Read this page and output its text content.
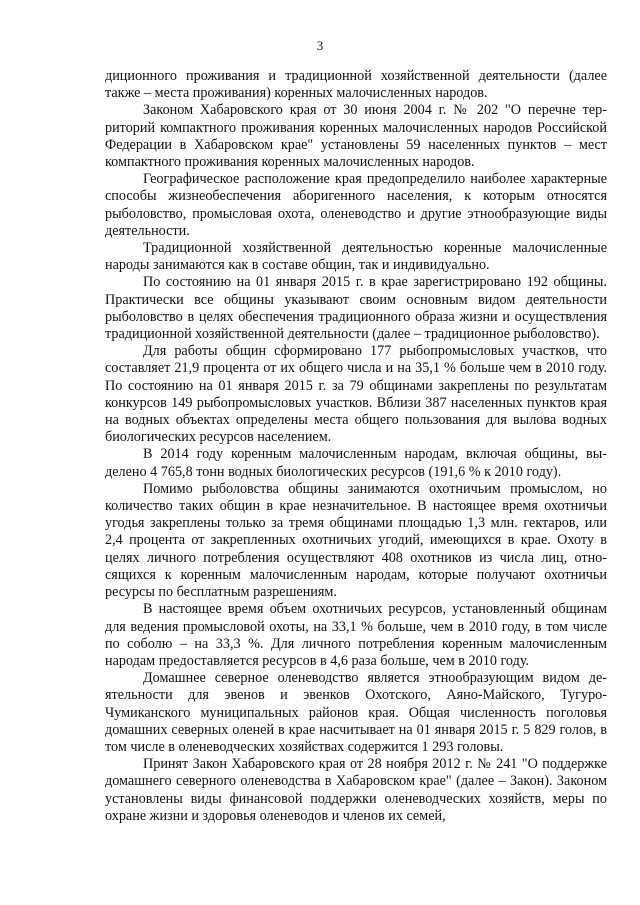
3

диционного проживания и традиционной хозяйственной деятельности (далее также – места проживания) коренных малочисленных народов.

Законом Хабаровского края от 30 июня 2004 г. № 202 "О перечне территорий компактного проживания коренных малочисленных народов Российской Федерации в Хабаровском крае" установлены 59 населенных пунктов – мест компактного проживания коренных малочисленных народов.

Географическое расположение края предопределило наиболее характерные способы жизнеобеспечения аборигенного населения, к которым относятся рыболовство, промысловая охота, оленеводство и другие этнообразующие виды деятельности.

Традиционной хозяйственной деятельностью коренные малочисленные народы занимаются как в составе общин, так и индивидуально.

По состоянию на 01 января 2015 г. в крае зарегистрировано 192 общины. Практически все общины указывают своим основным видом деятельности рыболовство в целях обеспечения традиционного образа жизни и осуществления традиционной хозяйственной деятельности (далее – традиционное рыболовство).

Для работы общин сформировано 177 рыбопромысловых участков, что составляет 21,9 процента от их общего числа и на 35,1 % больше чем в 2010 году. По состоянию на 01 января 2015 г. за 79 общинами закреплены по результатам конкурсов 149 рыбопромысловых участков. Вблизи 387 населенных пунктов края на водных объектах определены места общего пользования для вылова водных биологических ресурсов населением.

В 2014 году коренным малочисленным народам, включая общины, выделено 4 765,8 тонн водных биологических ресурсов (191,6 % к 2010 году).

Помимо рыболовства общины занимаются охотничьим промыслом, но количество таких общин в крае незначительное. В настоящее время охотничьи угодья закреплены только за тремя общинами площадью 1,3 млн. гектаров, или 2,4 процента от закрепленных охотничьих угодий, имеющихся в крае. Охоту в целях личного потребления осуществляют 408 охотников из числа лиц, относящихся к коренным малочисленным народам, которые получают охотничьи ресурсы по бесплатным разрешениям.

В настоящее время объем охотничьих ресурсов, установленный общинам для ведения промысловой охоты, на 33,1 % больше, чем в 2010 году, в том числе по соболю – на 33,3 %. Для личного потребления коренным малочисленным народам предоставляется ресурсов в 4,6 раза больше, чем в 2010 году.

Домашнее северное оленеводство является этнообразующим видом деятельности для эвенов и эвенков Охотского, Аяно-Майского, Тугуро-Чумиканского муниципальных районов края. Общая численность поголовья домашних северных оленей в крае насчитывает на 01 января 2015 г. 5 829 голов, в том числе в оленеводческих хозяйствах содержится 1 293 головы.

Принят Закон Хабаровского края от 28 ноября 2012 г. № 241 "О поддержке домашнего северного оленеводства в Хабаровском крае" (далее – Закон). Законом установлены виды финансовой поддержки оленеводческих хозяйств, меры по охране жизни и здоровья оленеводов и членов их семей,
